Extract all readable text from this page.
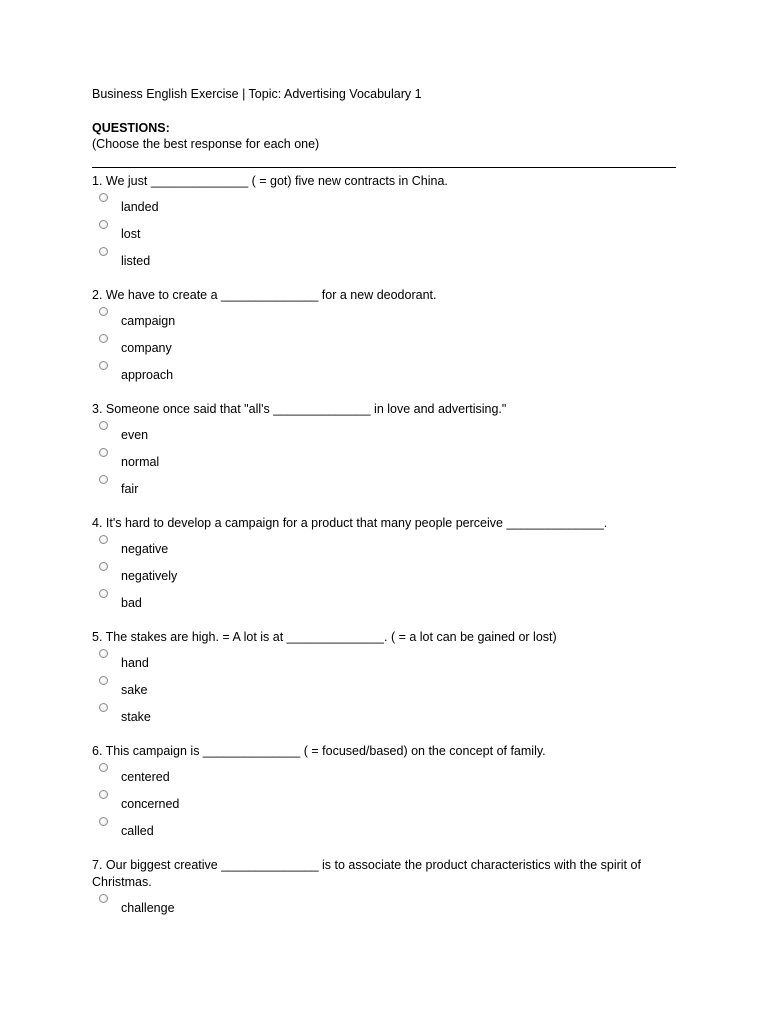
Business English Exercise | Topic: Advertising Vocabulary 1
QUESTIONS:
(Choose the best response for each one)
1. We just ______________ ( = got) five new contracts in China.
landed
lost
listed
2. We have to create a ______________ for a new deodorant.
campaign
company
approach
3. Someone once said that "all's ______________ in love and advertising."
even
normal
fair
4. It's hard to develop a campaign for a product that many people perceive ______________.
negative
negatively
bad
5. The stakes are high. = A lot is at ______________. ( = a lot can be gained or lost)
hand
sake
stake
6. This campaign is ______________ ( = focused/based) on the concept of family.
centered
concerned
called
7. Our biggest creative ______________ is to associate the product characteristics with the spirit of Christmas.
challenge
